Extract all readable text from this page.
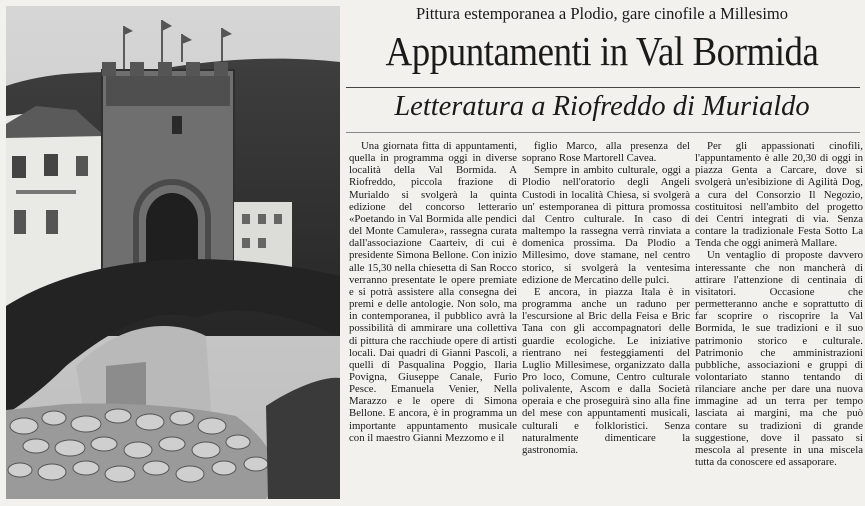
Pittura estemporanea a Plodio, gare cinofile a Millesimo
Appuntamenti in Val Bormida
Letteratura a Riofreddo di Murialdo

Una giornata fitta di appuntamenti, quella in programma oggi in diverse località della Val Bormida. A Riofreddo, piccola frazione di Murialdo si svolgerà la quinta edizione del concorso letterario «Poetando in Val Bormida alle pendici del Monte Camulera», rassegna curata dall'associazione Caarteiv, di cui è presidente Simona Bellone. Con inizio alle 15,30 nella chiesetta di San Rocco verranno presentate le opere premiate e si potrà assistere alla consegna dei premi e delle antologie. Non solo, ma in contemporanea, il pubblico avrà la possibilità di ammirare una collettiva di pittura che racchiude opere di artisti locali. Dai quadri di Gianni Pascoli, a quelli di Pasqualina Poggio, Ilaria Povigna, Giuseppe Canale, Furio Pesce. Emanuela Venier, Nella Marazzo e le opere di Simona Bellone. E ancora, è in programma un importante appuntamento musicale con il maestro Gianni Mezzomo e il

figlio Marco, alla presenza del soprano Rose Martorell Cavea.

Sempre in ambito culturale, oggi a Plodio nell'oratorio degli Angeli Custodi in località Chiesa, si svolgerà un' estemporanea di pittura promossa dal Centro culturale. In caso di maltempo la rassegna verrà rinviata a domenica prossima. Da Plodio a Millesimo, dove stamane, nel centro storico, si svolgerà la ventesima edizione de Mercatino delle pulci.

E ancora, in piazza Itala è in programma anche un raduno per l'escursione al Bric della Feisa e Bric Tana con gli accompagnatori delle guardie ecologiche. Le iniziative rientrano nei festeggiamenti del Luglio Millesimese, organizzato dalla Pro loco, Comune, Centro culturale polivalente, Ascom e dalla Società operaia e che proseguirà sino alla fine del mese con appuntamenti musicali, culturali e folkloristici. Senza naturalmente dimenticare la gastronomia.

Per gli appassionati cinofili, l'appuntamento è alle 20,30 di oggi in piazza Genta a Carcare, dove si svolgerà un'esibizione di Agilità Dog, a cura del Consorzio Il Negozio, costituitosi nell'ambito del progetto dei Centri integrati di via. Senza contare la tradizionale Festa Sotto La Tenda che oggi animerà Mallare.

Un ventaglio di proposte davvero interessante che non mancherà di attirare l'attenzione di centinaia di visitatori. Occasione che permetteranno anche e soprattutto di far scoprire o riscoprire la Val Bormida, le sue tradizioni e il suo patrimonio storico e culturale. Patrimonio che amministrazioni pubbliche, associazioni e gruppi di volontariato stanno tentando di rilanciare anche per dare una nuova immagine ad un terra per tempo lasciata ai margini, ma che può contare su tradizioni di grande suggestione, dove il passato si mescola al presente in una miscela tutta da conoscere ed assaporare.
